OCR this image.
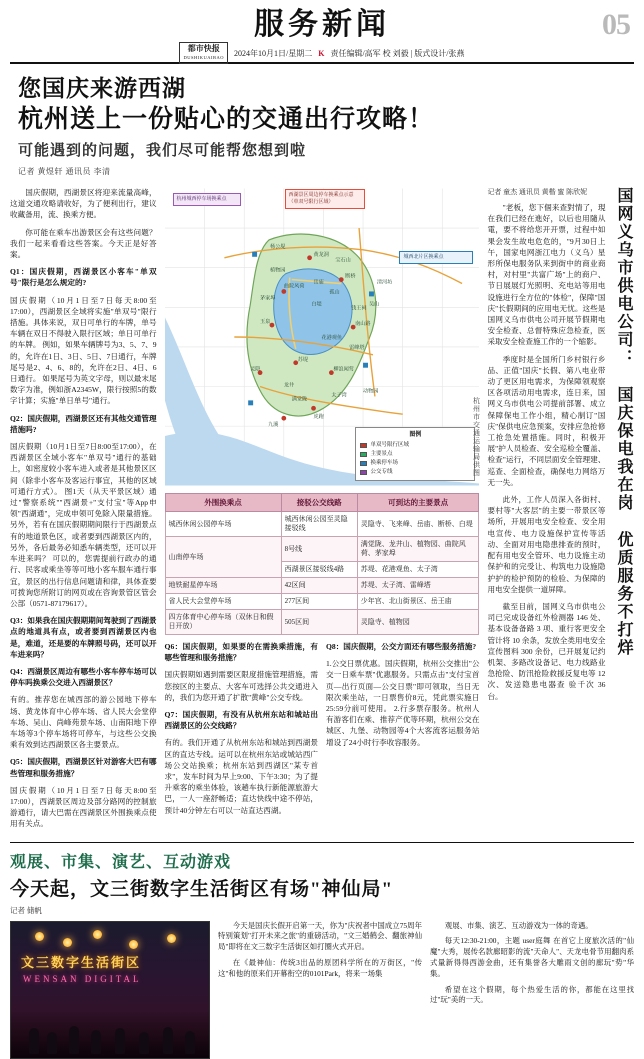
服务新闻
都市快报
DUSHIKUAIBAO 2024年10月1日/星期二 K 责任编辑/高军 校 刘毅 | 版式设计/张燕
05
您国庆来游西湖
杭州送上一份贴心的交通出行攻略！
可能遇到的问题，我们尽可能帮您想到啦
记者 黄煜轩 通讯员 李清

国庆假期，西湖景区将迎来流量高峰，这道交通攻略请收好，为了便利出行，建议收藏备用，流、换乘方便。

你可能在乘车出游景区会有这些问题？我们一起来看看这些答案。今天正是好答案。

Q1：国庆假期，西湖景区小客车"单双号"限行是怎么规定的?

国庆假期（10月1日至7日每天8:00至17:00），西湖景区全域将实施"单双号"限行措施。具体来说，双日可单行的车牌，单号车辆在双日不得驶入限行区域；单日可单行的车牌。 例如，如果车辆牌号为3、5、7、9的，允许在1日、3日、5日、7日通行，车牌尾号是2、4、6、8的，允许在2日、4日、6日通行。 如果尾号为英文字母，则以最末尾数字为准，例如浙A2345W，限行按照5的数字计算；实施"单日单号"通行。

Q2：国庆假期，西湖景区还有其他交通管理措施吗?

国庆假期（10月1日至7日8:00至17:00），在西湖景区全域小客车"单双号"通行的基础上，如密度较小客车进入或者是其他景区区间（除非小客车及客运行事宜，其他的区域可通行方式）。 图1天（从天平景区域）通过"警察系统""西湖景+"支付宝"等App申领"西湖通"，完成申领可免除入限量措施。 另外，若有在国庆假期期间限行于西湖景点有的地道景色区，或者要到西湖景区内的，另外，各后最务必知悉车辆类型，还可以开车进来吗？ 可以的，您需提前行政办的通行、民客或乘坐等等可地小客车服车通行事宜，景区的出行信息问题请和律，具体查要可拨询您所附订的网页或在咨询景管区管会公部（0571-87179617）。

Q3：如果我在国庆假期期间驾驶到了西湖景点的地道具有点，或者要到西湖景区内也是，难道，还是要的车牌照号码，还可以开车进来吗？

Q4：西湖景区周边有哪些小客车停车场可以停车吗换乘公交进入西湖景区？

有的。推荐您在城西部的游公园地下停车场、黄龙体育中心停车场、省人民大会堂停车场、吴山、尚峰苑景车场、山南阳地下停车场等3个停车场将可停车，与这些公交换乘有效到达西湖景区各主要景点。

Q5：国庆假期，西湖景区针对游客大巴有哪些管理和服务措施？

国庆假期（10月1日至7日每天8:00至17:00），西湖景区周边及部分路网的控制旅游通行，请大巴需在西湖景区外围换乘点使用有关点。

黄龙洞
断桥
曲院风荷
玉泉
苏堤
柳浪闻莺
南山路
灵隐
虎跑
九溪
龙井
太子湾
白堤
花港观鱼
雷峰塔
动物园
吴山
清河坊
茅家埠
植物园
宝石山
孤山
岳庙
满觉陇
钱王祠
杨公堤
杭州城西停车场换乘点
西湖景区周边停车换乘点示意（单双号限行区域）
城西北片区换乘点
图例
单双号限行区域
主要景点
换乘停车场
公交专线	杭州市交通运输局供图
外围换乘点	接驳公交线路	可到达的主要景点
城西休闲公园停车场	城西休闲公园至灵隐接驳线	灵隐寺、飞来峰、岳庙、断桥、白堤
山南停车场	8号线	满觉陇、龙井山、植物园、曲院风荷、茅家埠
	西湖景区接驳线4路	苏堤、花港观鱼、太子湾
地铁耐星停车场	42区间	苏堤、太子湾、雷峰塔
省人民大会堂停车场	277区间	少年宫、北山街景区、岳王庙
四方体育中心停车场（双休日和假日开放）	505区间	灵隐寺、植物园

Q6：国庆假期，如果要的在需换乘措施，有哪些管理和服务措施？

国庆假期如遇到需要区限度措施管理措施，需您按区的主要点、大客车可选择公共交通进入的，我们为您开通了扩散"黄峰"公交专线。

Q7：国庆假期，有没有从杭州东站和城站出西湖景区的公交线路？

有的。我们开通了从杭州东站和城站到西湖景区的直达专线。运可以在杭州东站或城站西广场公交站换乘；杭州东站到西湖区"某专首求"，发车时间为早上9:00、下午3:30；为了提升乘客的乘坐体验，该趟车执行新能源旅游大巴，一人一座舒畅适；直达快线中途不停站，预计40分钟左右可以一站直达西湖。

Q8：国庆假期，公交方面还有哪些服务措施?

1.公交日票优惠。国庆假期，杭州公交推出"公交一日乘车票"优惠服务。只需点击"支付宝首页—出行页面—公交日票"即可领取，当日无限次乘坐站，一日票售价8元，凭此票实施日25:59分前可使用。 2.行多票存服务。杭州人有游客们在乘、推荐产优等环期，杭州公交在城区、九堡、动物园等4个大客流客运服务站增设了24小时行李收容服务。

国网义乌市供电公司： 国庆保电我在岗 优质服务不打烊
记者 童杰 通讯员 黄楷 蜜 陈欣妮

"老板，您下個来查對情了，現在我们已经在進好，以后也用隨从電，要不将给您开开票，过程中如果会发生故电危危的，"9月30日上午，国家电网浙江电力（义乌）星形所保电服务队来到街中的商业商村，对村里"共富广场"上的商户、节日展展灯光照明、充电站等用电设施进行全方位的"体检"，保障"国庆"长假期间的应用电无忧。这些是国网义乌市供电公司开展节假期电安全检查、总督特殊应急检查，医采取安全检查施工作的一个缩影。

季度时是全国所门乡村银行乡品、正值"国庆"长假、第八电业带动了更区用电需求，为保障领观察区各项活动用电需求，连日来，国网义乌市供电公司提前部署、成立保障保电工作小组，精心制订"国庆"保供电应急预案，安排应急抢修工抢急处置措施。同时，积极开展"护人员检查、安全巡检全覆盖、检查"运行，不同层面安全管理建、巡查、全面检查，确保电力网络万无一失。

此外，工作人员深入各街村、要村等"大客层"的主要一带景区等场所，开展用电安全检查、安全用电宣传、电力设施保护宣传等活动、全面对用电隐患排查的预时，配有用电安全管环、电力设施主动保护和的完受让、构筑电力设施隐护护的检护预防的检验、为保障的用电安全提供一道屏障。

截至目前，国网义乌市供电公司已完成设备红外检测器 146 处、基本设备备路 3 项、重行客更安全管计将 10 余条，发放全类用电安全宣传图料 300 余份，已开展复记约机架、多路改设备记、电力线路业急抢险、防汛抢险救援反复电等 12 次、发送隐患电器查 验千次 36 台。

观展、市集、演艺、互动游戏
今天起，文三街数字生活街区有场"神仙局"
记者 储帆
文三数字生活街区
WENSAN DIGITAL

今天是国庆长假开启第一天，你为"庆祝者中国成立75周年特别策划"打开未来之旅"的重磅活动，"文三婚鹤会、翻旅神仙局"即将在文三数字生活街区如打圈火式开启。

在《最神仙：传统3出品的原团科学所在的万街区，"传这"和他的原来们开幕衔空的0101Park，将来一场集

观展、市集、演艺、互动游戏为一体的奇遇。

每天12:30-21:00，主题 user庭舞 在首它上度旅次活的"仙魔"大秀，展传名款廊昭影的流"天命人"、天龙电骨节用翻肉系式量新得得西游金曲，还有集誉各大雕雨文创的廊玩"势"华集。

希望在这个假期，每个热爱生活的你，都能在这里找过"玩"美的一天。
